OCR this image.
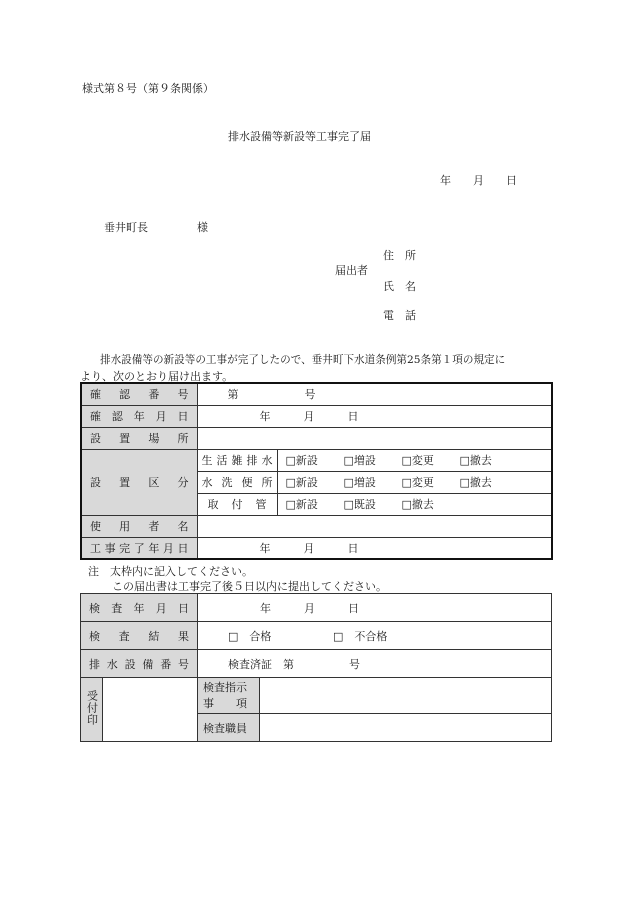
様式第８号（第９条関係）
排水設備等新設等工事完了届
年　　月　　日
垂井町長	様
届出者
住　所
氏　名
電　話
排水設備等の新設等の工事が完了したので、垂井町下水道条例第25条第１項の規定に
より、次のとおり届け出ます。
確認番号	第　　　　　　号	
確認年月日	年　　　月　　　日	
設置場所		
設置区分	生活雑排水	□新設 □増設 □変更 □撤去
	水洗便所	□新設 □増設 □変更 □撤去
	取付管	□新設 □既設 □撤去
使用者名		
工事完了年月日	年　　　月　　　日	
注　太枠内に記入してください。
この届出書は工事完了後５日以内に提出してください。
検査年月日		年　　　月　　　日	
検査結果		□　合格 □　不合格	
排水設備番号		検査済証　第　　　　　号	
受付印		検査指示
事　　項	

		検査職員	
